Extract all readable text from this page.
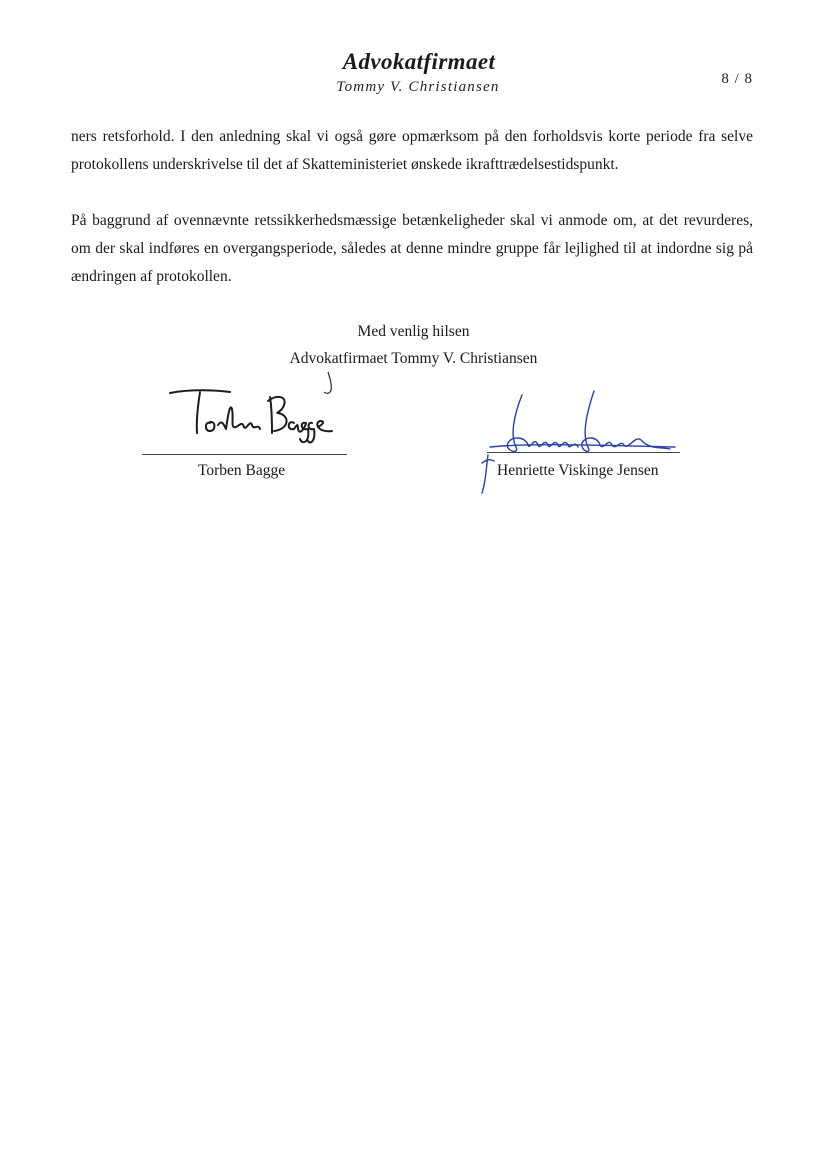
Advokatfirmaet
Tommy V. Christiansen	8 / 8

ners retsforhold. I den anledning skal vi også gøre opmærksom på den forholdsvis korte periode fra selve protokollens underskrivelse til det af Skatteministeriet ønskede ikrafttrædelsestidspunkt.

På baggrund af ovennævnte retssikkerhedsmæssige betænkeligheder skal vi anmode om, at det revurderes, om der skal indføres en overgangsperiode, således at denne mindre gruppe får lejlighed til at indordne sig på ændringen af protokollen.

Med venlig hilsen
Advokatfirmaet Tommy V. Christiansen
Torben Bagge	Henriette Viskinge Jensen
